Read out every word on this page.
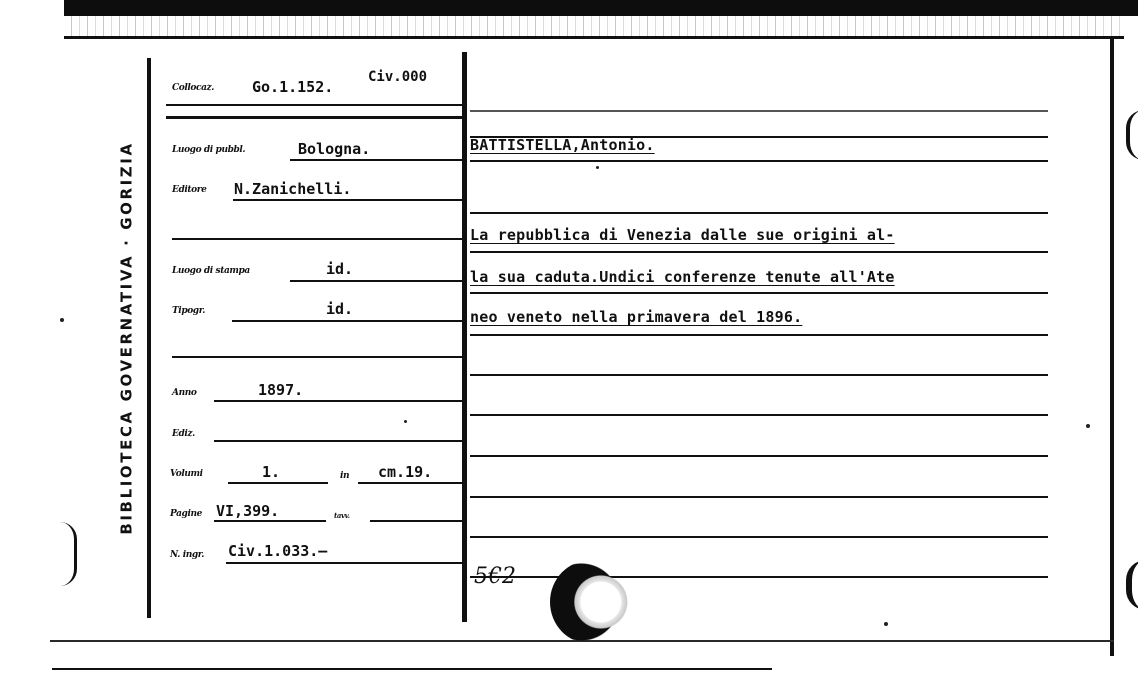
BIBLIOTECA GOVERNATIVA · GORIZIA
Collocaz.	Go.1.152.
Civ.000
Luogo di pubbl.	Bologna.
Editore N.Zanichelli.
Luogo di stampa	id.
Tipogr.	id.
Anno	1897.
Ediz.
Volumi	1.	in cm.19.
Pagine VI,399.	tavv.
N. ingr. Civ.1.033.—
BATTISTELLA,Antonio.
La repubblica di Venezia dalle sue origini al-
la sua caduta.Undici conferenze tenute all'Ate
neo veneto nella primavera del 1896.
5€2
